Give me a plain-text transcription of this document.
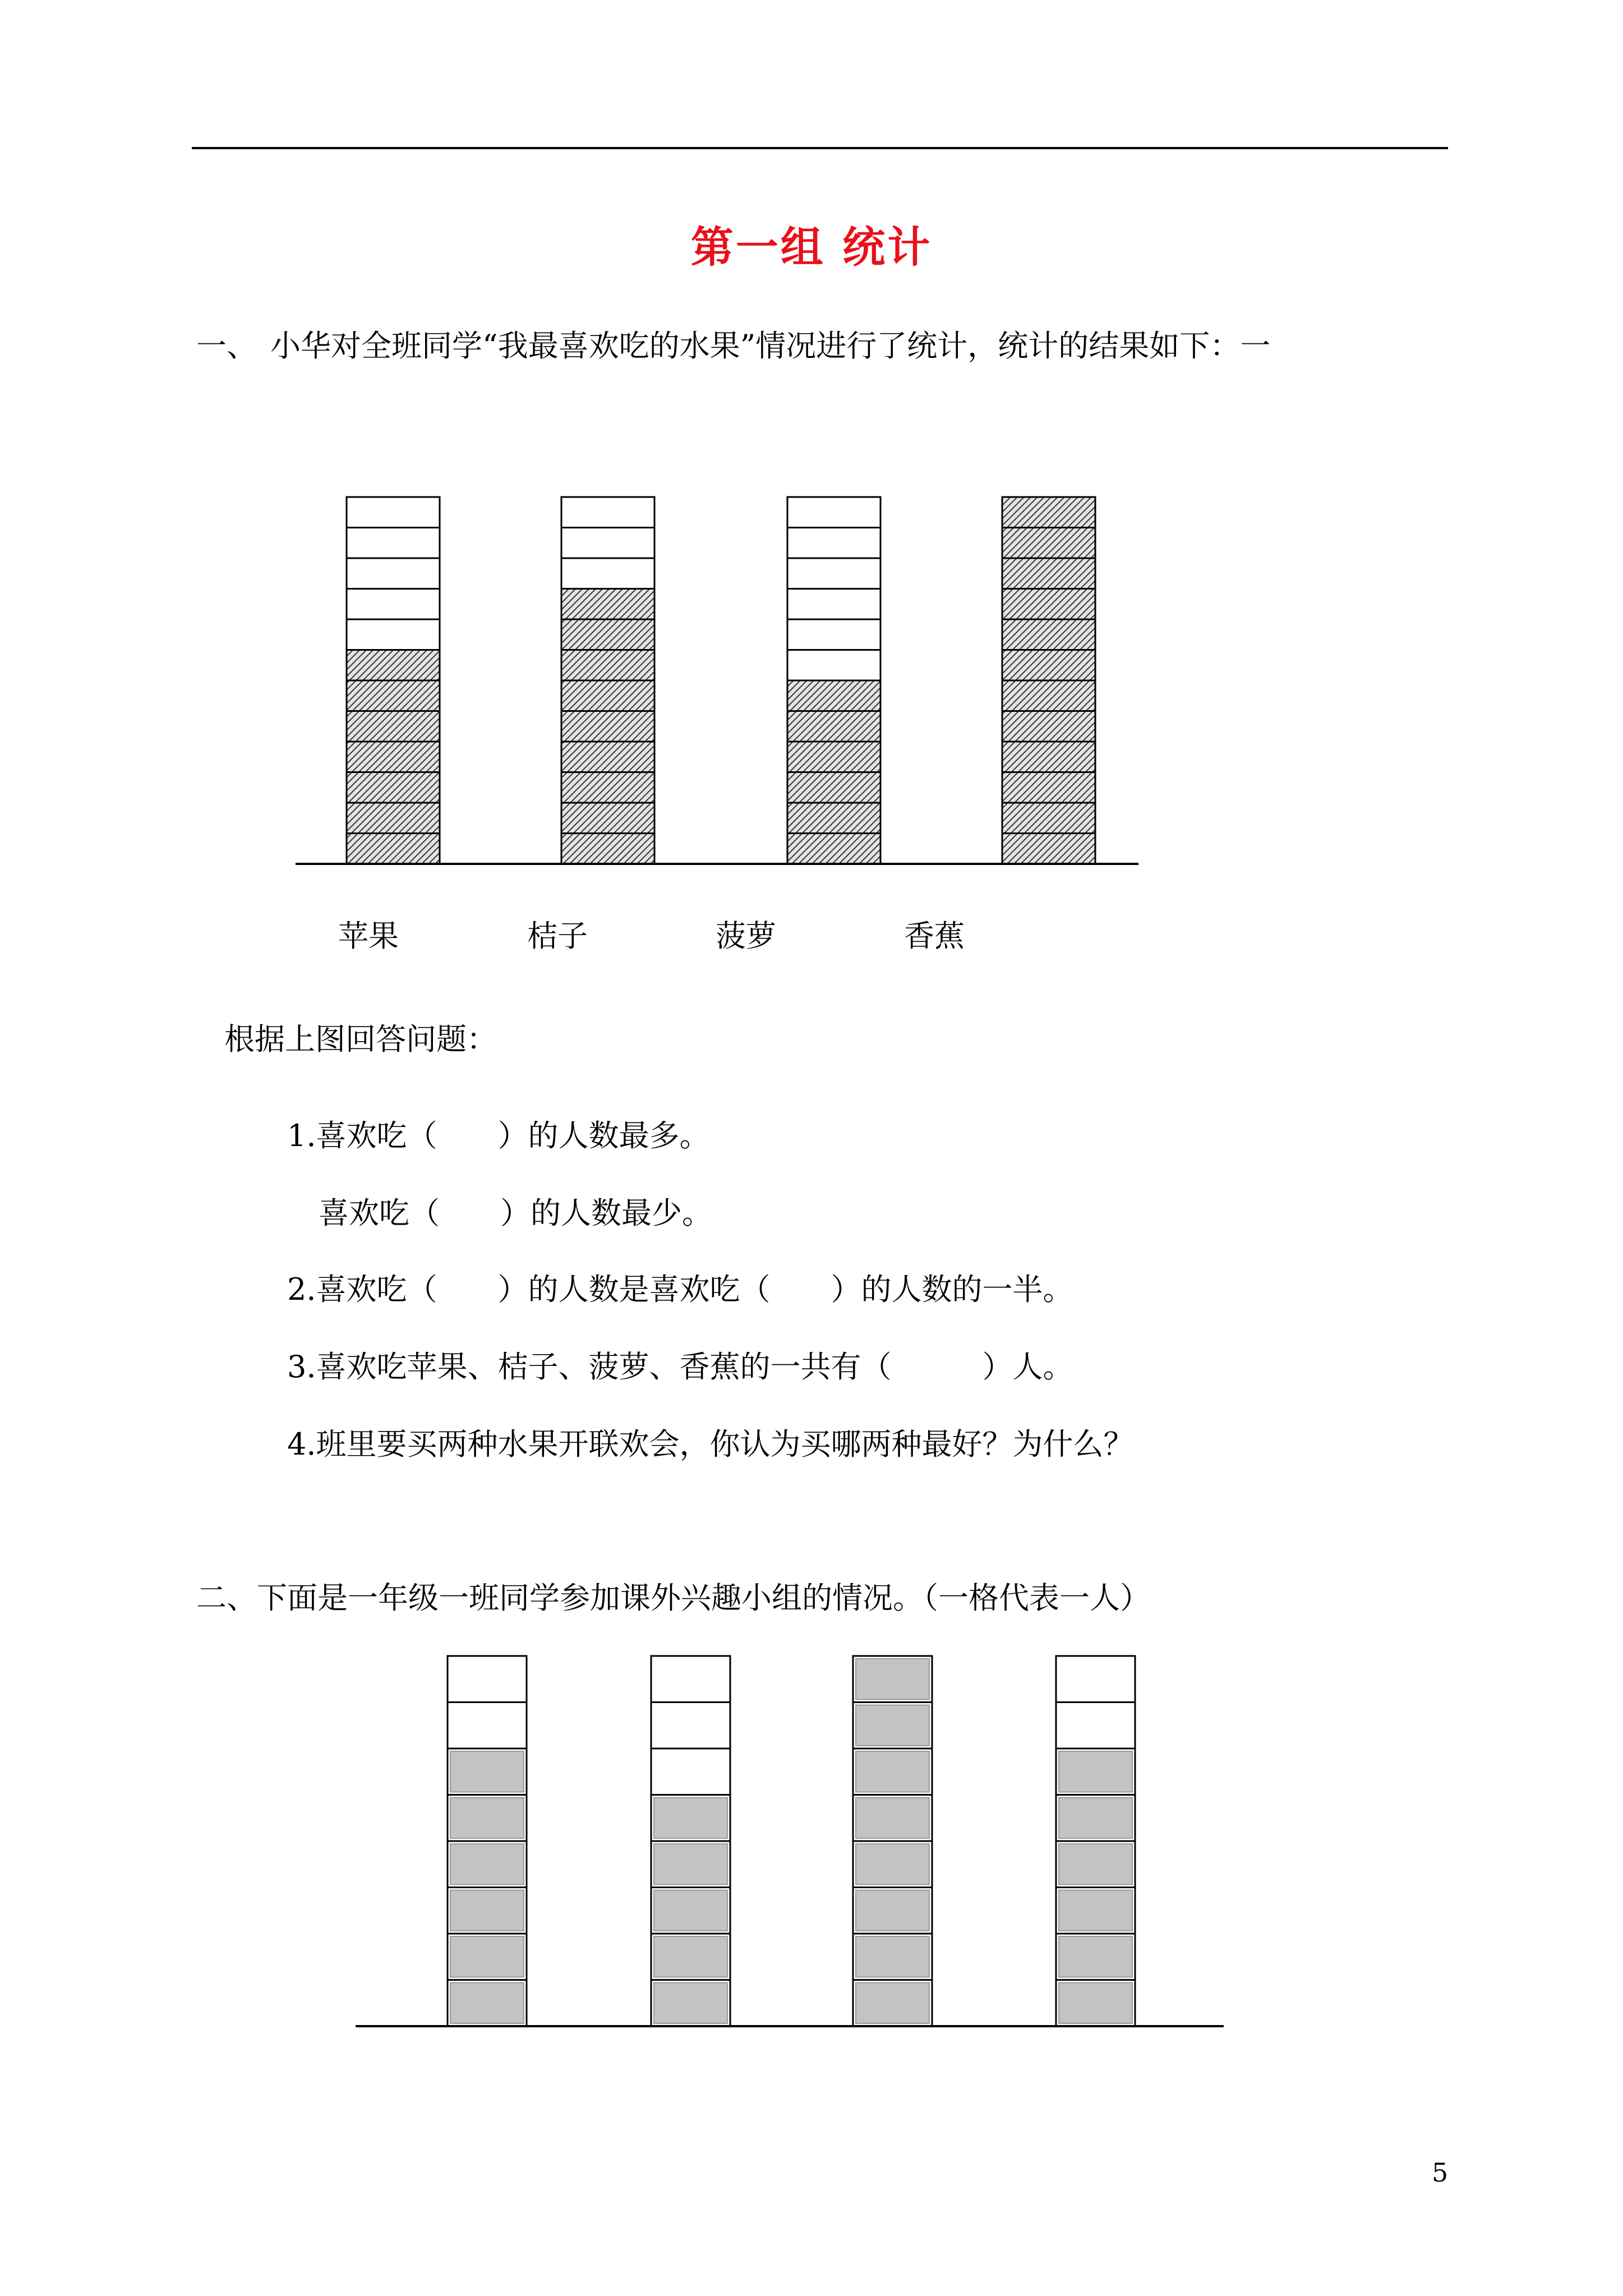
第一组 统计
一、 小华对全班同学“我最喜欢吃的水果”情况进行了统计，统计的结果如下：一
苹果	桔子	菠萝	香蕉
根据上图回答问题：
1.喜欢吃（　　）的人数最多。
喜欢吃（　　）的人数最少。
2.喜欢吃（　　）的人数是喜欢吃（　　）的人数的一半。
3.喜欢吃苹果、桔子、菠萝、香蕉的一共有（　　　）人。
4.班里要买两种水果开联欢会，你认为买哪两种最好？为什么？
二、下面是一年级一班同学参加课外兴趣小组的情况。（一格代表一人）
5
